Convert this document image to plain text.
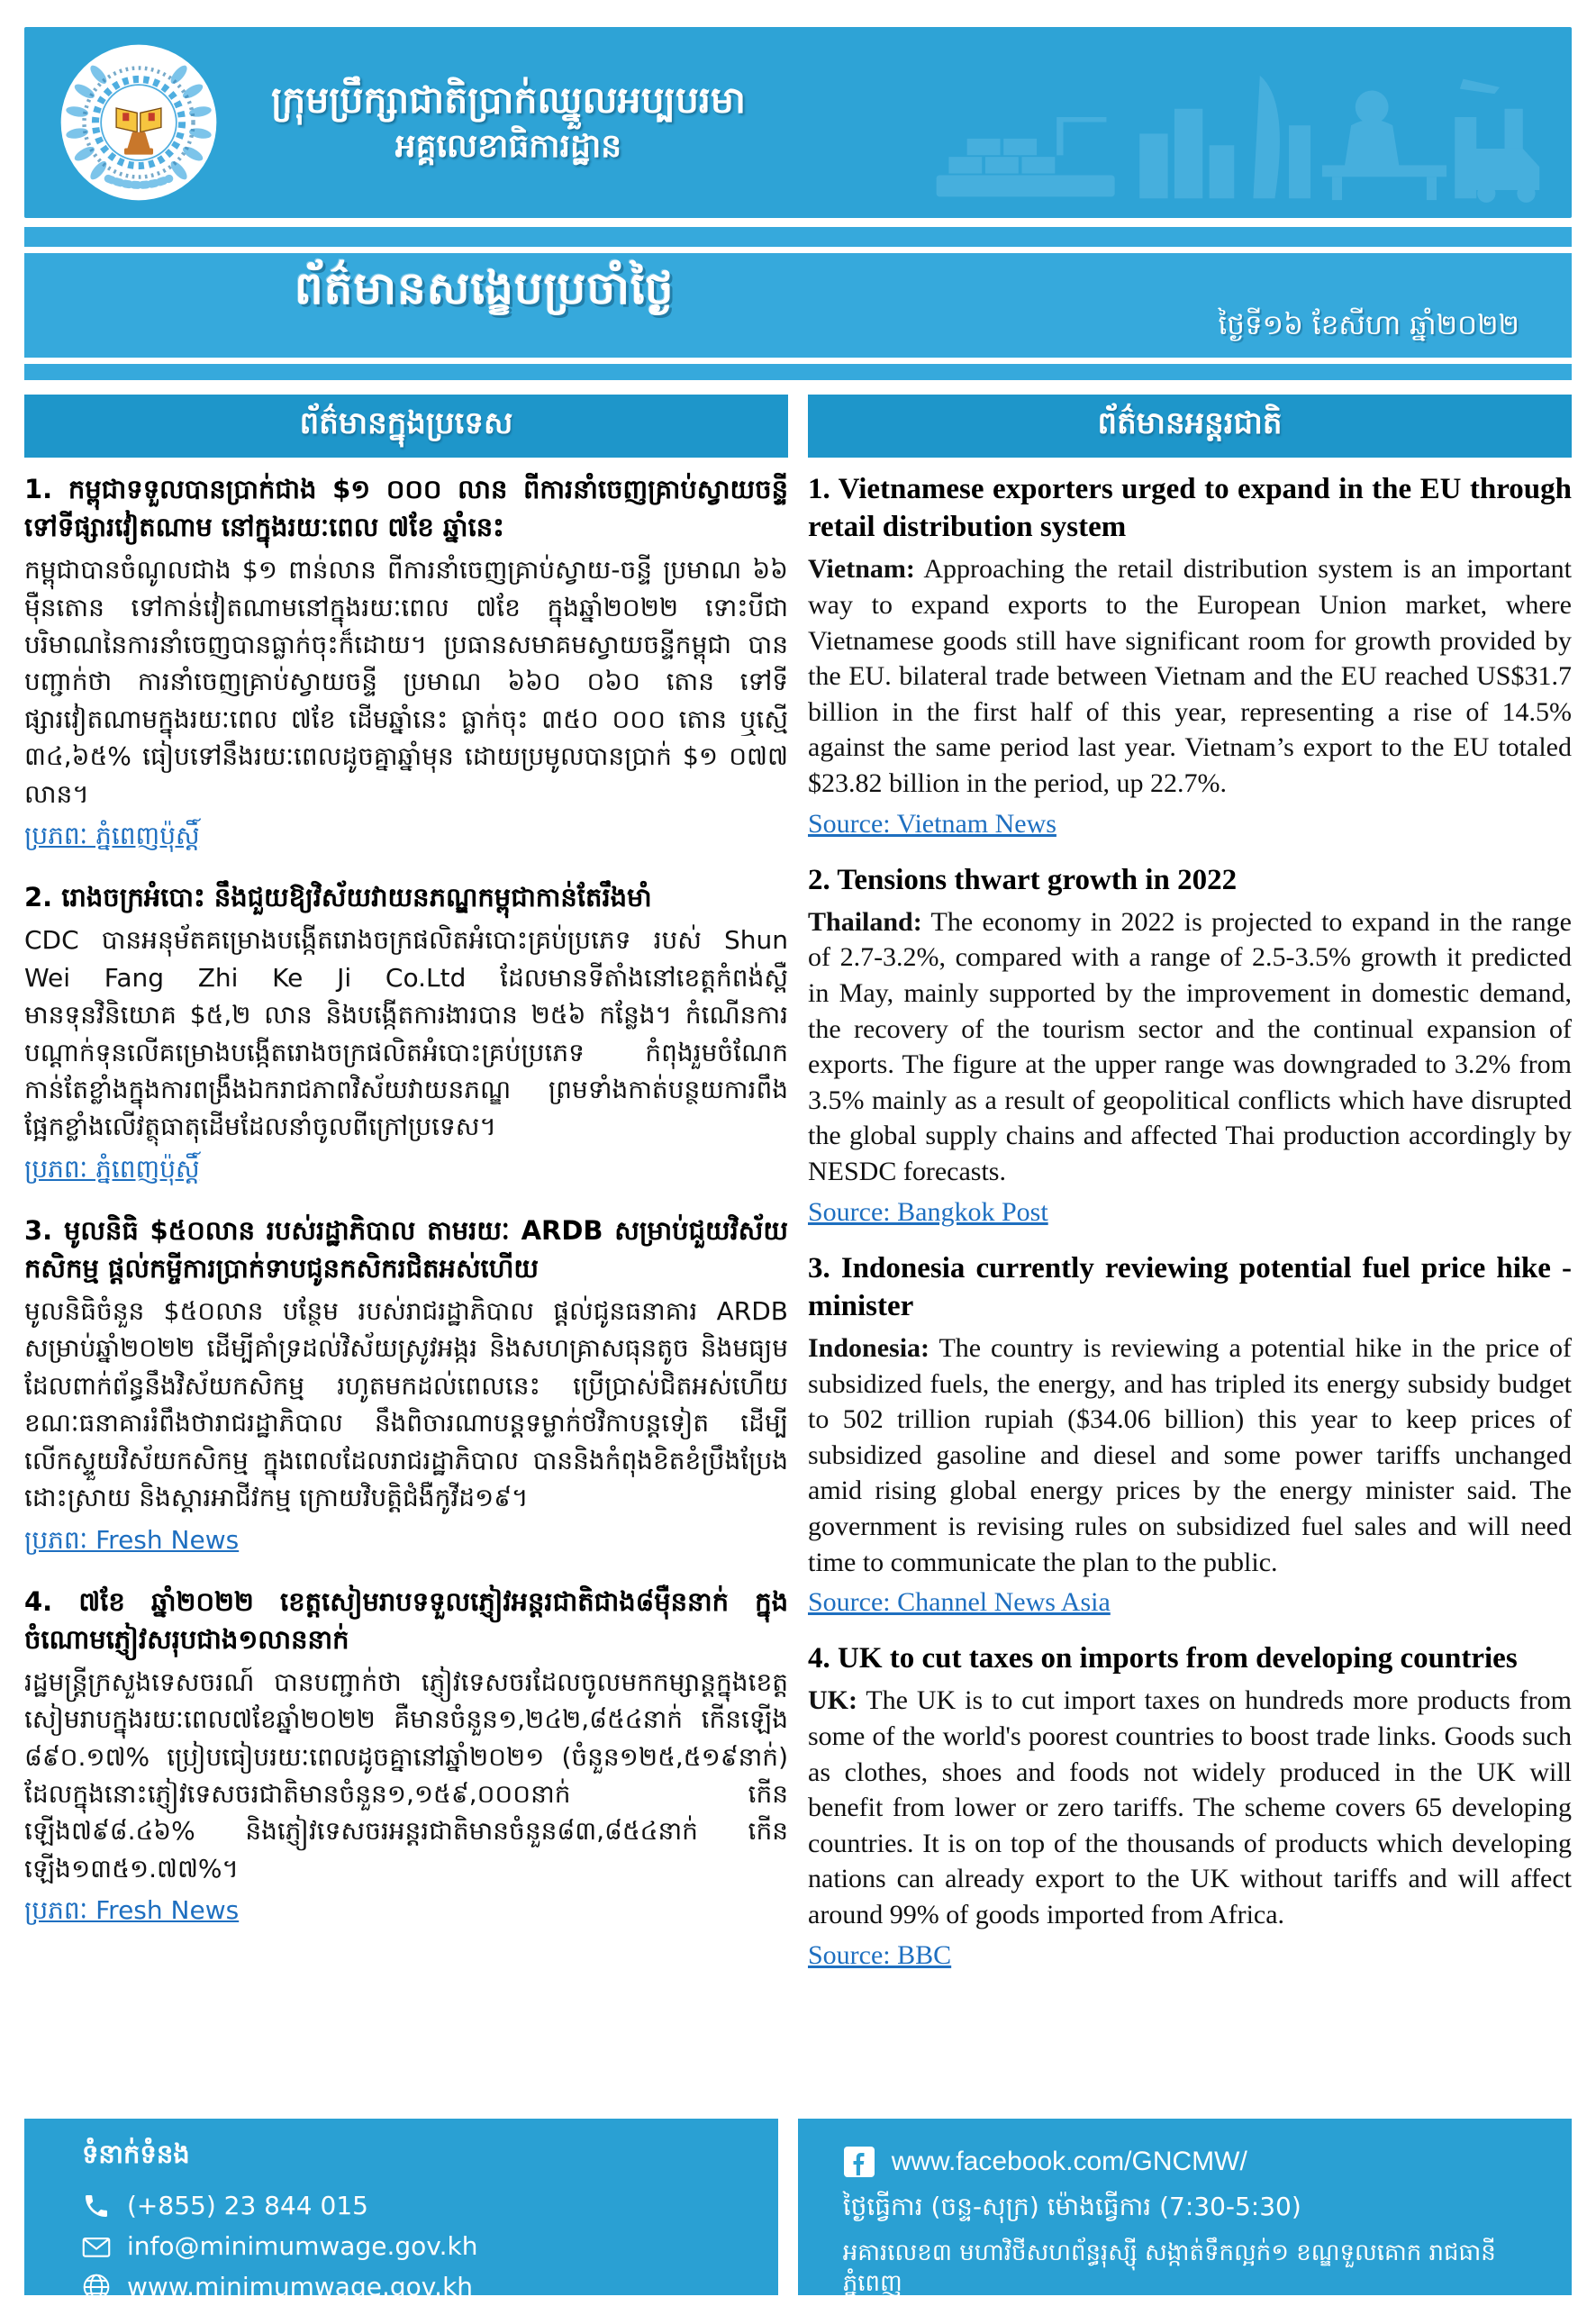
ក្រុមប្រឹក្សាជាតិប្រាក់ឈ្នួលអប្បបរមា
អគ្គលេខាធិការដ្ឋាន
ព័ត៌មានសង្ខេបប្រចាំថ្ងៃ
ថ្ងៃទី១៦ ខែសីហា ឆ្នាំ២០២២
ព័ត៌មានក្នុងប្រទេស
1. កម្ពុជាទទួលបានប្រាក់ជាង $១ ០០០ លាន ពីការនាំចេញគ្រាប់ស្វាយចន្ទីទៅទីផ្សារវៀតណាម នៅក្នុងរយៈពេល ៧ខែ ឆ្នាំនេះ

កម្ពុជាបានចំណូលជាង $១ ពាន់លាន ពីការនាំចេញគ្រាប់ស្វាយ-ចន្ទី ប្រមាណ ៦៦ ម៉ឺនតោន ទៅកាន់វៀតណាមនៅក្នុងរយៈពេល ៧ខែ ក្នុងឆ្នាំ២០២២ ទោះបីជាបរិមាណនៃការនាំចេញបានធ្លាក់ចុះក៏ដោយ។ ប្រធានសមាគមស្វាយចន្ទីកម្ពុជា បានបញ្ជាក់ថា ការនាំចេញគ្រាប់ស្វាយចន្ទី ប្រមាណ ៦៦០ ០៦០ តោន ទៅទីផ្សារវៀតណាមក្នុងរយៈពេល ៧ខែ ដើមឆ្នាំនេះ ធ្លាក់ចុះ ៣៥០ ០០០ តោន ឬស្មើ ៣៤,៦៥% ធៀបទៅនឹងរយៈពេលដូចគ្នាឆ្នាំមុន ដោយប្រមូលបានប្រាក់ $១ ០៧៧ លាន។

ប្រភពៈ ភ្នំពេញប៉ុស្តិ៍
2. រោងចក្រអំបោះ នឹងជួយឱ្យវិស័យវាយនភណ្ឌកម្ពុជាកាន់តែរឹងមាំ

CDC បានអនុម័តគម្រោងបង្កើតរោងចក្រផលិតអំបោះគ្រប់ប្រភេទ របស់ Shun Wei Fang Zhi Ke Ji Co.Ltd ដែលមានទីតាំងនៅខេត្តកំពង់ស្ពឺ មានទុនវិនិយោគ $៥,២ លាន និងបង្កើតការងារបាន ២៥៦ កន្លែង។ កំណើនការបណ្តាក់ទុនលើគម្រោងបង្កើតរោងចក្រផលិតអំបោះគ្រប់ប្រភេទ កំពុងរួមចំណែកកាន់តែខ្លាំងក្នុងការពង្រឹងឯករាជភាពវិស័យវាយនភណ្ឌ ព្រមទាំងកាត់បន្ថយការពឹងផ្អែកខ្លាំងលើវត្ថុធាតុដើមដែលនាំចូលពីក្រៅប្រទេស។

ប្រភពៈ ភ្នំពេញប៉ុស្តិ៍
3. មូលនិធិ $៥០លាន របស់រដ្ឋាភិបាល តាមរយៈ ARDB សម្រាប់ជួយវិស័យកសិកម្ម ផ្តល់កម្ចីការប្រាក់ទាបជូនកសិករជិតអស់ហើយ

មូលនិធិចំនួន $៥០លាន បន្ថែម របស់រាជរដ្ឋាភិបាល ផ្តល់ជូនធនាគារ ARDB សម្រាប់ឆ្នាំ២០២២ ដើម្បីគាំទ្រដល់វិស័យស្រូវអង្ករ និងសហគ្រាសធុនតូច និងមធ្យម ដែលពាក់ព័ន្ធនឹងវិស័យកសិកម្ម រហូតមកដល់ពេលនេះ ប្រើប្រាស់ជិតអស់ហើយ ខណៈធនាគាររំពឹងថារាជរដ្ឋាភិបាល នឹងពិចារណាបន្តទម្លាក់ថវិកាបន្តទៀត ដើម្បីលើកស្ទួយវិស័យកសិកម្ម ក្នុងពេលដែលរាជរដ្ឋាភិបាល បាននិងកំពុងខិតខំប្រឹងប្រែងដោះស្រាយ និងស្តារអាជីវកម្ម ក្រោយវិបត្តិជំងឺកូវីដ១៩។

ប្រភពៈ Fresh News
4. ៧ខែ ឆ្នាំ២០២២ ខេត្តសៀមរាបទទួលភ្ញៀវអន្តរជាតិជាង៨ម៉ឺននាក់ ក្នុងចំណោមភ្ញៀវសរុបជាង១លាននាក់

រដ្ឋមន្ត្រីក្រសួងទេសចរណ៍ បានបញ្ជាក់ថា ភ្ញៀវទេសចរដែលចូលមកកម្សាន្តក្នុងខេត្តសៀមរាបក្នុងរយៈពេល៧ខែឆ្នាំ២០២២ គឺមានចំនួន១,២៤២,៨៥៤នាក់ កើនឡើង ៨៩០.១៧% ប្រៀបធៀបរយៈពេលដូចគ្នានៅឆ្នាំ២០២១ (ចំនួន១២៥,៥១៩នាក់) ដែលក្នុងនោះភ្ញៀវទេសចរជាតិមានចំនួន១,១៥៩,០០០នាក់ កើនឡើង៧៩៨.៤៦% និងភ្ញៀវទេសចរអន្តរជាតិមានចំនួន៨៣,៨៥៤នាក់ កើនឡើង១៣៥១.៧៧%។

ប្រភពៈ Fresh News
ព័ត៌មានអន្តរជាតិ
1. Vietnamese exporters urged to expand in the EU through retail distribution system

Vietnam: Approaching the retail distribution system is an important way to expand exports to the European Union market, where Vietnamese goods still have significant room for growth provided by the EU. bilateral trade between Vietnam and the EU reached US$31.7 billion in the first half of this year, representing a rise of 14.5% against the same period last year. Vietnam’s export to the EU totaled $23.82 billion in the period, up 22.7%.

Source: Vietnam News
2. Tensions thwart growth in 2022

Thailand: The economy in 2022 is projected to expand in the range of 2.7-3.2%, compared with a range of 2.5-3.5% growth it predicted in May, mainly supported by the improvement in domestic demand, the recovery of the tourism sector and the continual expansion of exports. The figure at the upper range was downgraded to 3.2% from 3.5% mainly as a result of geopolitical conflicts which have disrupted the global supply chains and affected Thai production accordingly by NESDC forecasts.

Source: Bangkok Post
3. Indonesia currently reviewing potential fuel price hike -minister

Indonesia: The country is reviewing a potential hike in the price of subsidized fuels, the energy, and has tripled its energy subsidy budget to 502 trillion rupiah ($34.06 billion) this year to keep prices of subsidized gasoline and diesel and some power tariffs unchanged amid rising global energy prices by the energy minister said. The government is revising rules on subsidized fuel sales and will need time to communicate the plan to the public.

Source: Channel News Asia
4. UK to cut taxes on imports from developing countries

UK: The UK is to cut import taxes on hundreds more products from some of the world's poorest countries to boost trade links. Goods such as clothes, shoes and foods not widely produced in the UK will benefit from lower or zero tariffs. The scheme covers 65 developing countries. It is on top of the thousands of products which developing nations can already export to the UK without tariffs and will affect around 99% of goods imported from Africa.

Source: BBC
ទំនាក់ទំនង
(+855) 23 844 015
info@minimumwage.gov.kh
www.minimumwage.gov.kh
www.facebook.com/GNCMW/
ថ្ងៃធ្វើការ (ចន្ទ-សុក្រ) ម៉ោងធ្វើការ (7:30-5:30)
អគារលេខ៣ មហាវិថីសហព័ន្ធរុស្ស៊ី សង្កាត់ទឹកល្អក់១ ខណ្ឌទួលគោក រាជធានីភ្នំពេញ
